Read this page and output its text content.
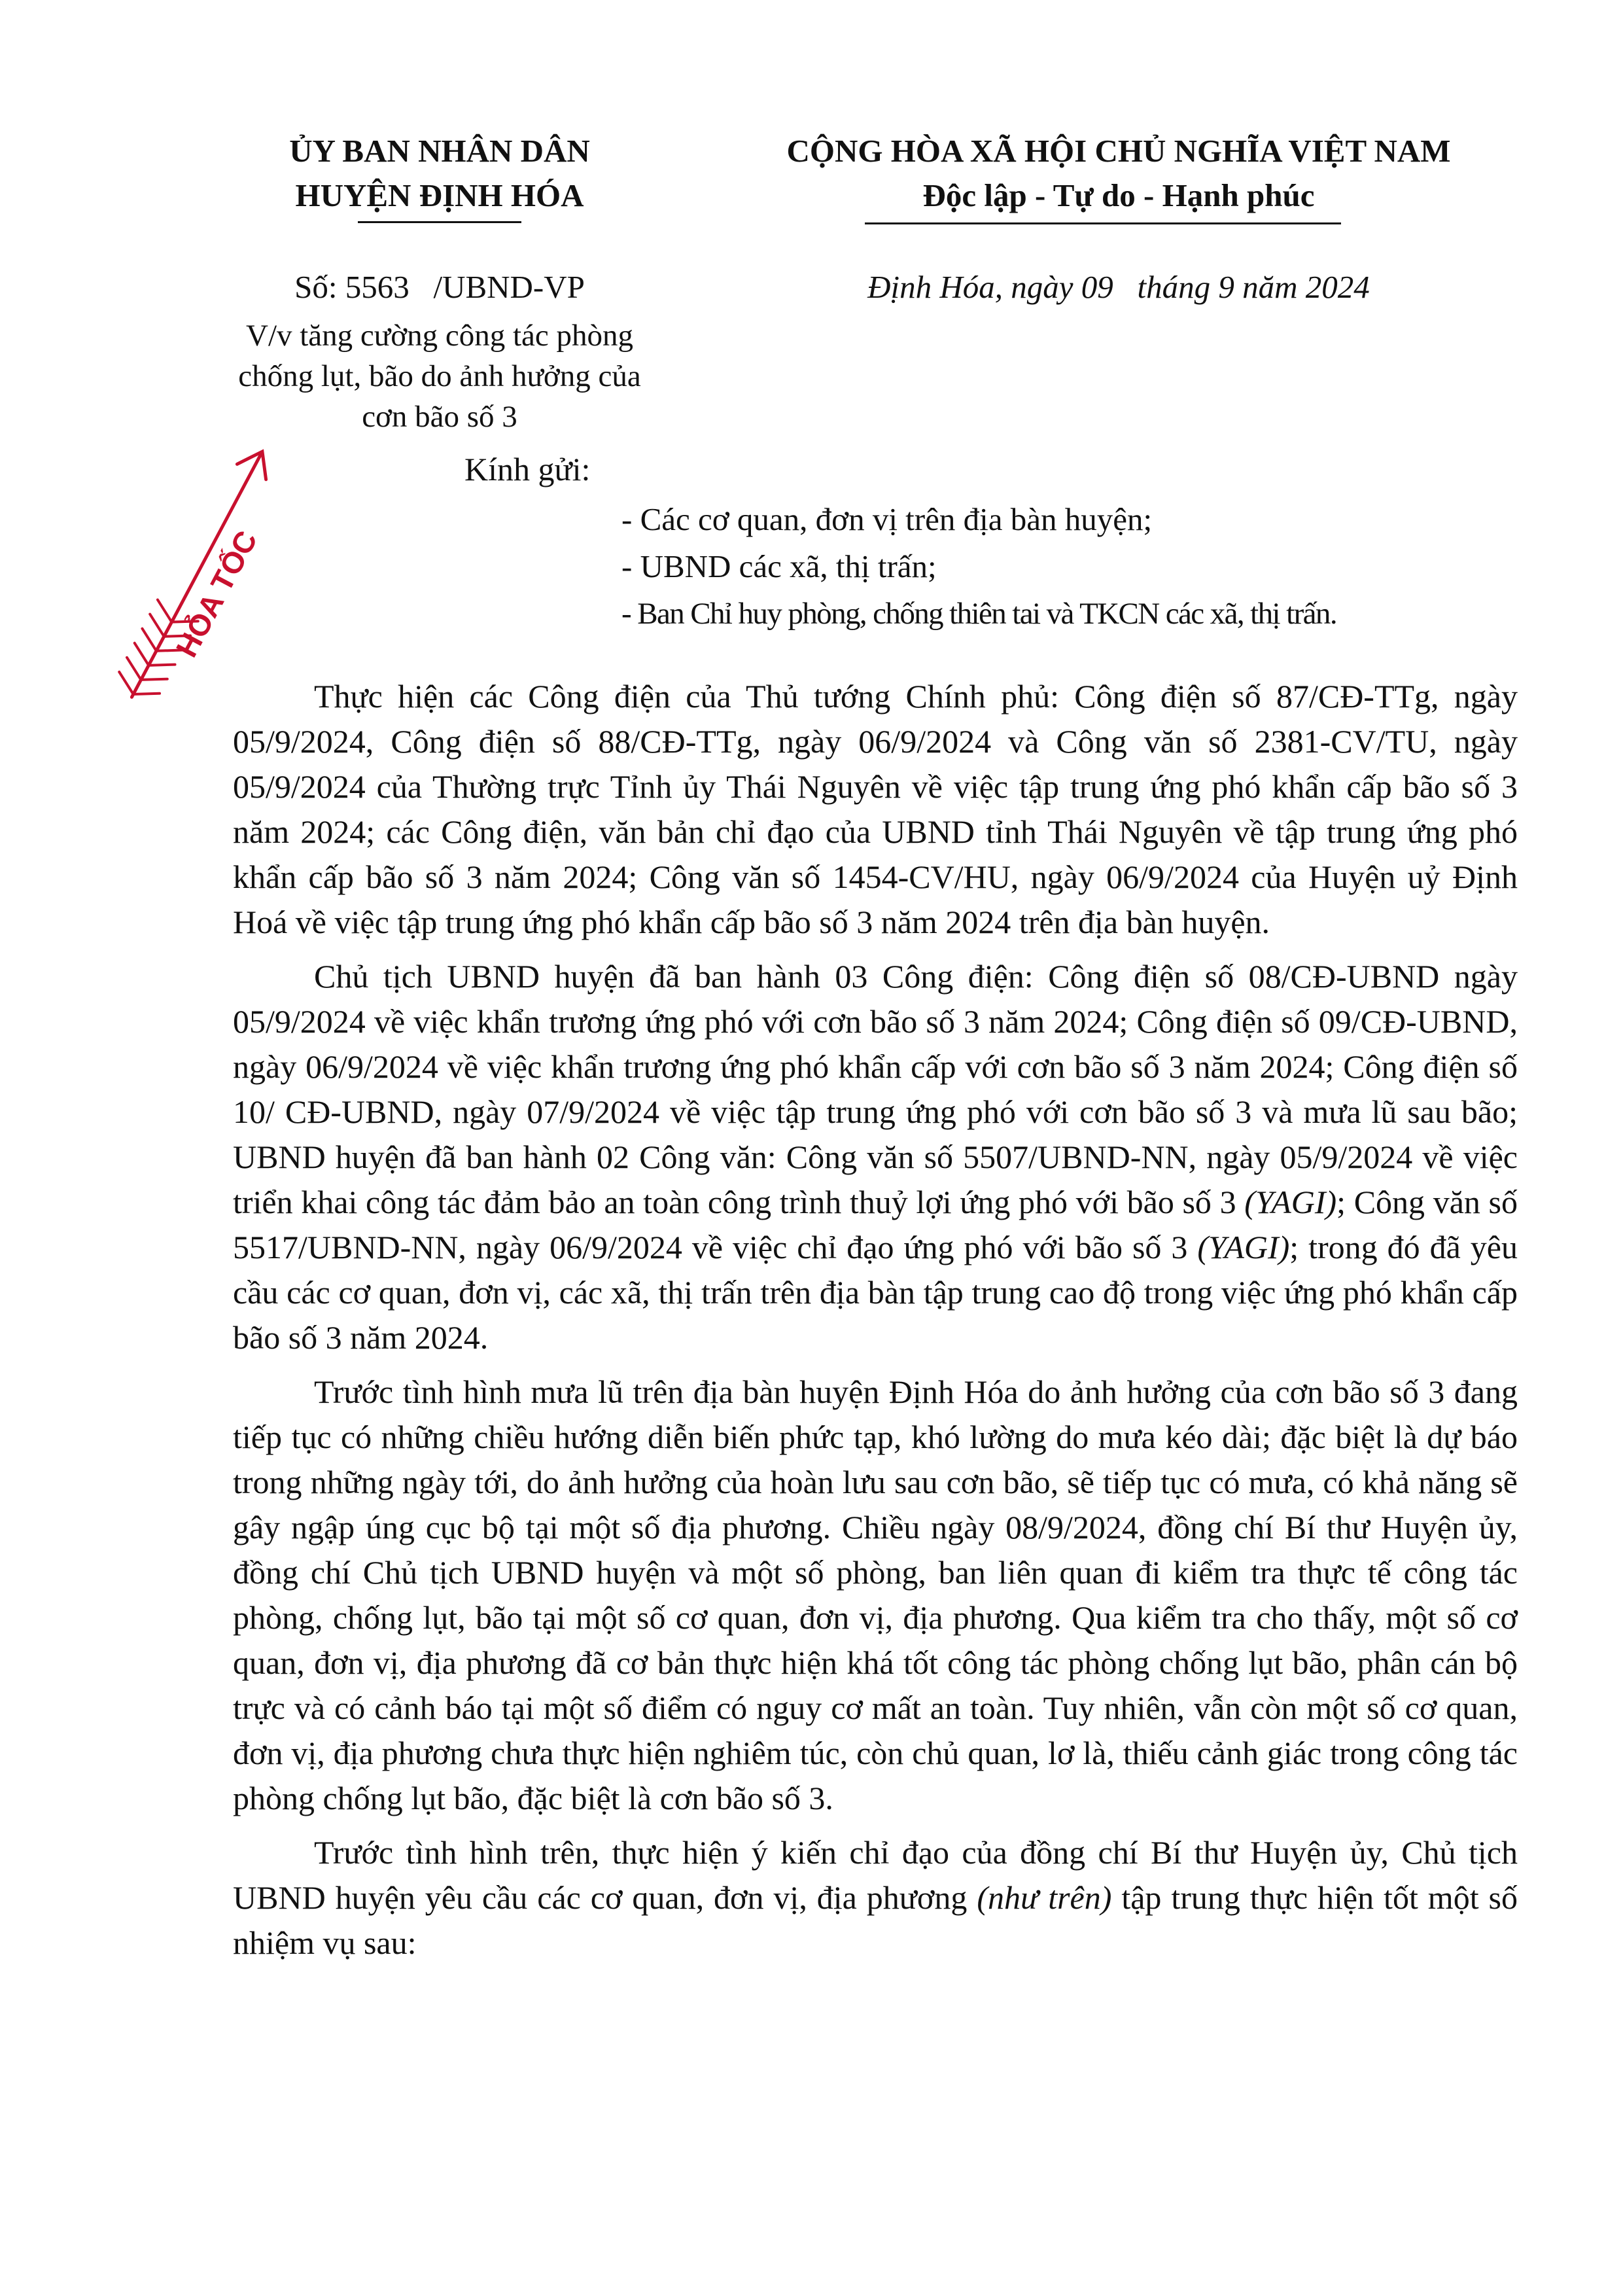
ỦY BAN NHÂN DÂN
HUYỆN ĐỊNH HÓA
CỘNG HÒA XÃ HỘI CHỦ NGHĨA VIỆT NAM
Độc lập - Tự do - Hạnh phúc
Số: 5563   /UBND-VP	Định Hóa, ngày 09   tháng 9 năm 2024
V/v tăng cường công tác phòng
chống lụt, bão do ảnh hưởng của
cơn bão số 3
HỎA TỐC
Kính gửi:
- Các cơ quan, đơn vị trên địa bàn huyện;
- UBND các xã, thị trấn;
- Ban Chỉ huy phòng, chống thiên tai và TKCN các xã, thị trấn.

Thực hiện các Công điện của Thủ tướng Chính phủ: Công điện số 87/CĐ-TTg, ngày 05/9/2024, Công điện số 88/CĐ-TTg, ngày 06/9/2024 và Công văn số 2381-CV/TU, ngày 05/9/2024 của Thường trực Tỉnh ủy Thái Nguyên về việc tập trung ứng phó khẩn cấp bão số 3 năm 2024; các Công điện, văn bản chỉ đạo của UBND tỉnh Thái Nguyên về tập trung ứng phó khẩn cấp bão số 3 năm 2024; Công văn số 1454-CV/HU, ngày 06/9/2024 của Huyện uỷ Định Hoá về việc tập trung ứng phó khẩn cấp bão số 3 năm 2024 trên địa bàn huyện.

Chủ tịch UBND huyện đã ban hành 03 Công điện: Công điện số 08/CĐ-UBND ngày 05/9/2024 về việc khẩn trương ứng phó với cơn bão số 3 năm 2024; Công điện số 09/CĐ-UBND, ngày 06/9/2024 về việc khẩn trương ứng phó khẩn cấp với cơn bão số 3 năm 2024; Công điện số 10/ CĐ-UBND, ngày 07/9/2024 về việc tập trung ứng phó với cơn bão số 3 và mưa lũ sau bão; UBND huyện đã ban hành 02 Công văn: Công văn số 5507/UBND-NN, ngày 05/9/2024 về việc triển khai công tác đảm bảo an toàn công trình thuỷ lợi ứng phó với bão số 3 (YAGI); Công văn số 5517/UBND-NN, ngày 06/9/2024 về việc chỉ đạo ứng phó với bão số 3 (YAGI); trong đó đã yêu cầu các cơ quan, đơn vị, các xã, thị trấn trên địa bàn tập trung cao độ trong việc ứng phó khẩn cấp bão số 3 năm 2024.

Trước tình hình mưa lũ trên địa bàn huyện Định Hóa do ảnh hưởng của cơn bão số 3 đang tiếp tục có những chiều hướng diễn biến phức tạp, khó lường do mưa kéo dài; đặc biệt là dự báo trong những ngày tới, do ảnh hưởng của hoàn lưu sau cơn bão, sẽ tiếp tục có mưa, có khả năng sẽ gây ngập úng cục bộ tại một số địa phương. Chiều ngày 08/9/2024, đồng chí Bí thư Huyện ủy, đồng chí Chủ tịch UBND huyện và một số phòng, ban liên quan đi kiểm tra thực tế công tác phòng, chống lụt, bão tại một số cơ quan, đơn vị, địa phương. Qua kiểm tra cho thấy, một số cơ quan, đơn vị, địa phương đã cơ bản thực hiện khá tốt công tác phòng chống lụt bão, phân cán bộ trực và có cảnh báo tại một số điểm có nguy cơ mất an toàn. Tuy nhiên, vẫn còn một số cơ quan, đơn vị, địa phương chưa thực hiện nghiêm túc, còn chủ quan, lơ là, thiếu cảnh giác trong công tác phòng chống lụt bão, đặc biệt là cơn bão số 3.

Trước tình hình trên, thực hiện ý kiến chỉ đạo của đồng chí Bí thư Huyện ủy, Chủ tịch UBND huyện yêu cầu các cơ quan, đơn vị, địa phương (như trên) tập trung thực hiện tốt một số nhiệm vụ sau:
